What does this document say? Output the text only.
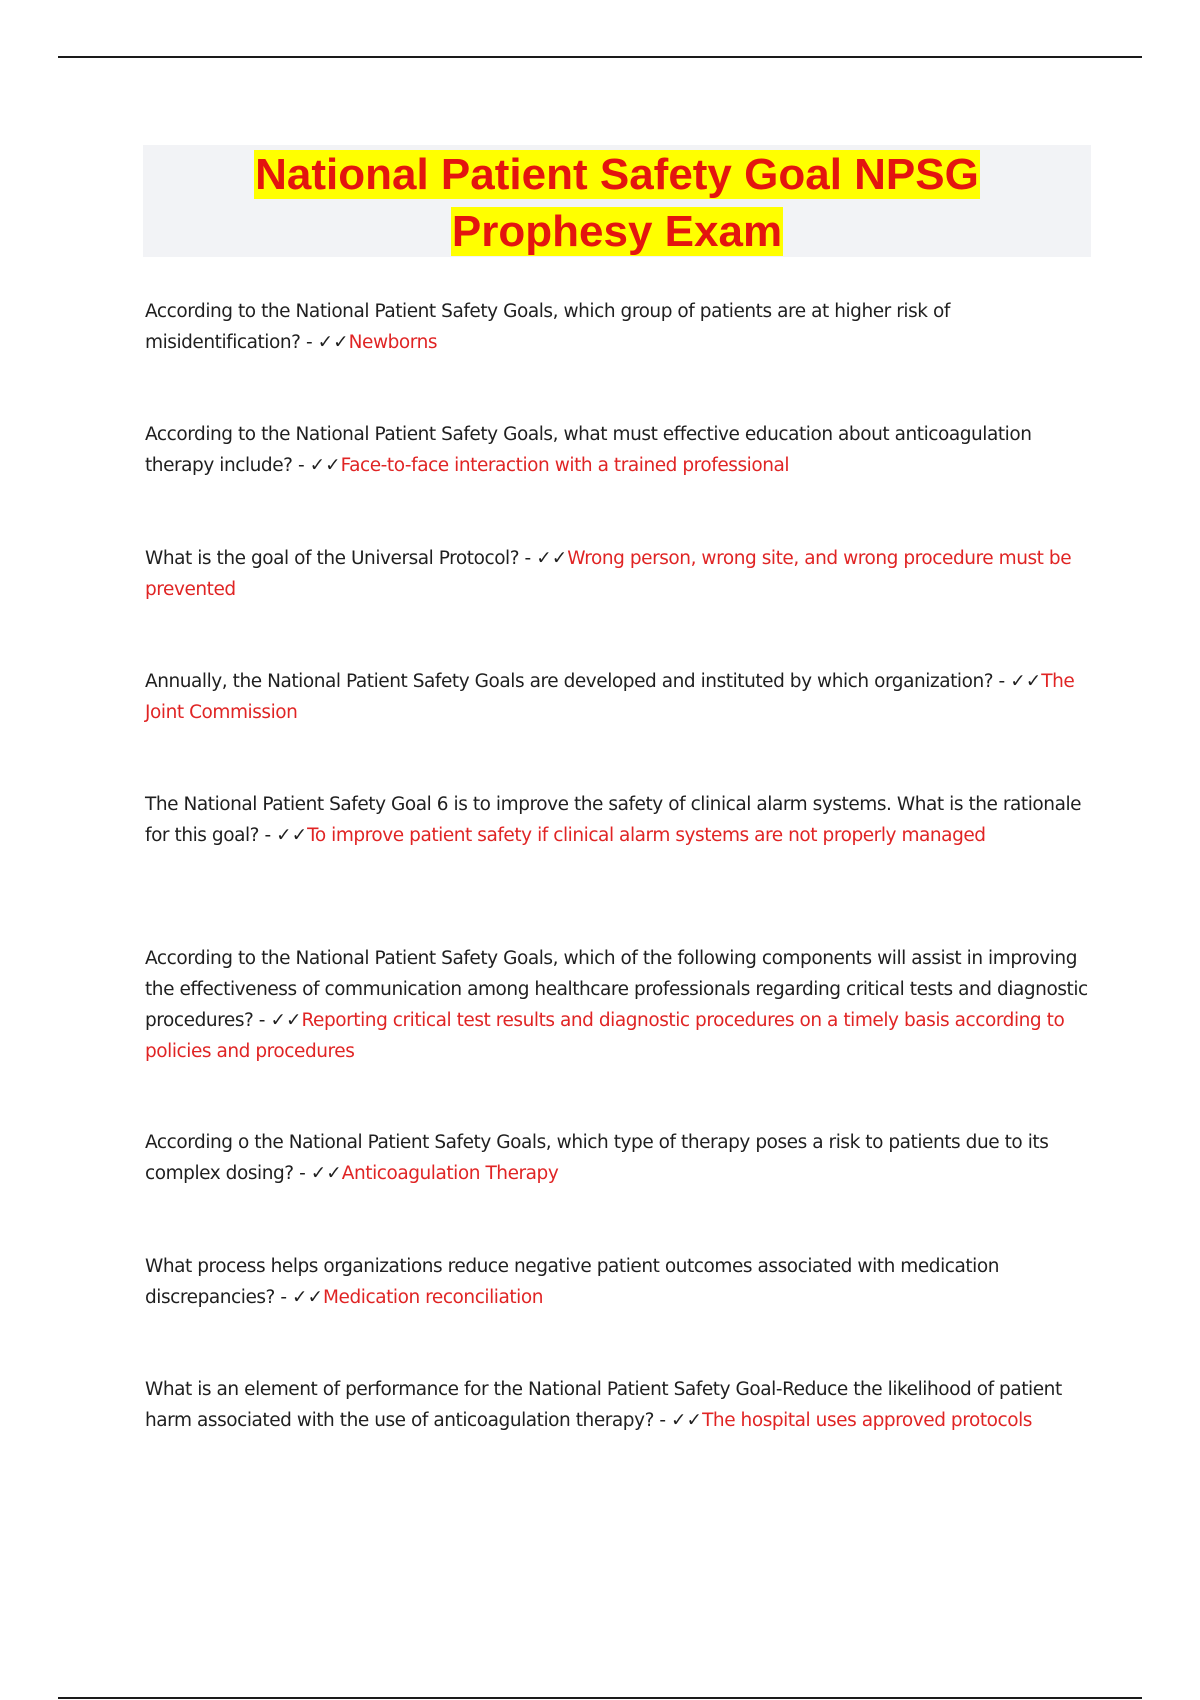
National Patient Safety Goal NPSG
Prophesy Exam

According to the National Patient Safety Goals, which group of patients are at higher risk of misidentification? - ✓✓Newborns

According to the National Patient Safety Goals, what must effective education about anticoagulation therapy include? - ✓✓Face-to-face interaction with a trained professional

What is the goal of the Universal Protocol? - ✓✓Wrong person, wrong site, and wrong procedure must be prevented

Annually, the National Patient Safety Goals are developed and instituted by which organization? - ✓✓The Joint Commission

The National Patient Safety Goal 6 is to improve the safety of clinical alarm systems. What is the rationale for this goal? - ✓✓To improve patient safety if clinical alarm systems are not properly managed

According to the National Patient Safety Goals, which of the following components will assist in improving the effectiveness of communication among healthcare professionals regarding critical tests and diagnostic procedures? - ✓✓Reporting critical test results and diagnostic procedures on a timely basis according to policies and procedures

According o the National Patient Safety Goals, which type of therapy poses a risk to patients due to its complex dosing? - ✓✓Anticoagulation Therapy

What process helps organizations reduce negative patient outcomes associated with medication discrepancies? - ✓✓Medication reconciliation

What is an element of performance for the National Patient Safety Goal-Reduce the likelihood of patient harm associated with the use of anticoagulation therapy? - ✓✓The hospital uses approved protocols
